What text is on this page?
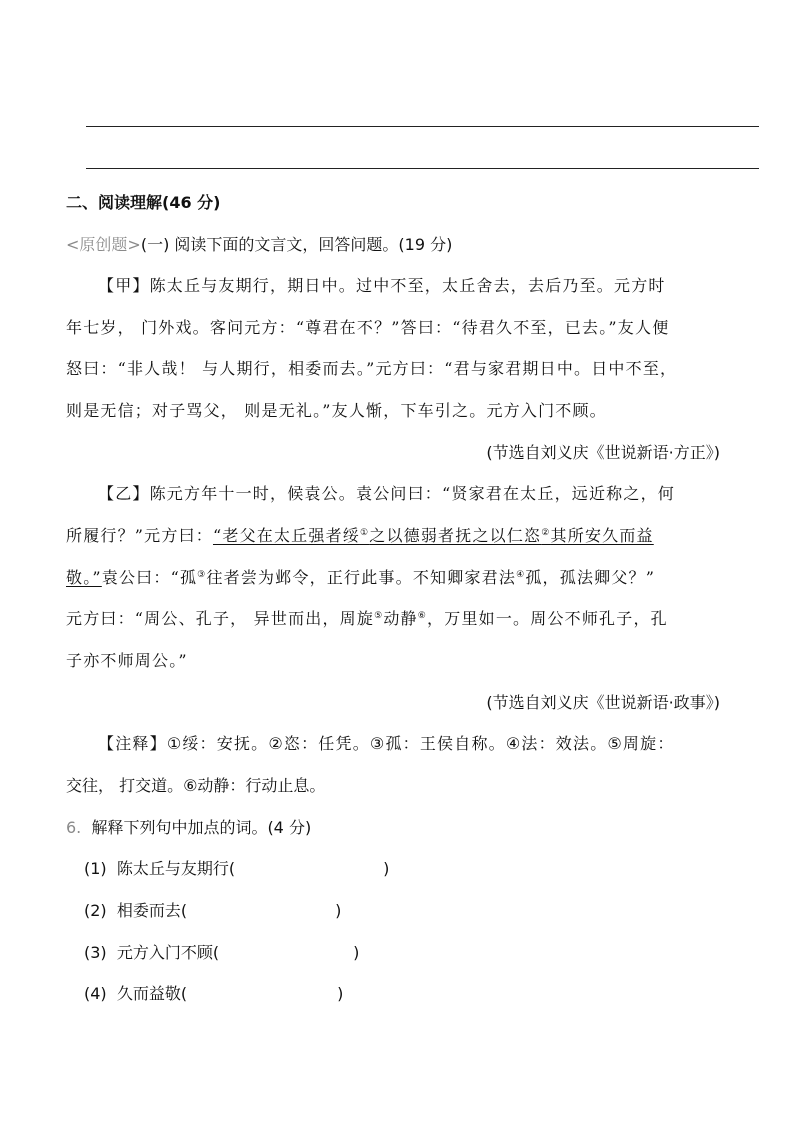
二、阅读理解(46 分)
<原创题>(一) 阅读下面的文言文，回答问题。(19 分)
【甲】陈太丘与友期行，期日中。过中不至，太丘舍去，去后乃至。元方时
年七岁， 门外戏。客问元方：“尊君在不？”答曰：“待君久不至，已去。”友人便
怒曰：“非人哉！ 与人期行，相委而去。”元方曰：“君与家君期日中。日中不至，
则是无信；对子骂父， 则是无礼。”友人惭，下车引之。元方入门不顾。
(节选自刘义庆《世说新语·方正》)
【乙】陈元方年十一时，候袁公。袁公问曰：“贤家君在太丘，远近称之，何
所履行？”元方曰：“老父在太丘强者绥①之以德弱者抚之以仁恣②其所安久而益
敬。”袁公曰：“孤③往者尝为邺令，正行此事。不知卿家君法④孤，孤法卿父？”
元方曰：“周公、孔子， 异世而出，周旋⑤动静⑥，万里如一。周公不师孔子，孔
子亦不师周公。”
(节选自刘义庆《世说新语·政事》)
【注释】①绥：安抚。②恣：任凭。③孤：王侯自称。④法：效法。⑤周旋：
交往， 打交道。⑥动静：行动止息。
6. 解释下列句中加点的词。(4 分)
(1) 陈太丘与友期行(	)
(2) 相委而去(	)
(3) 元方入门不顾(	)
(4) 久而益敬(	)
